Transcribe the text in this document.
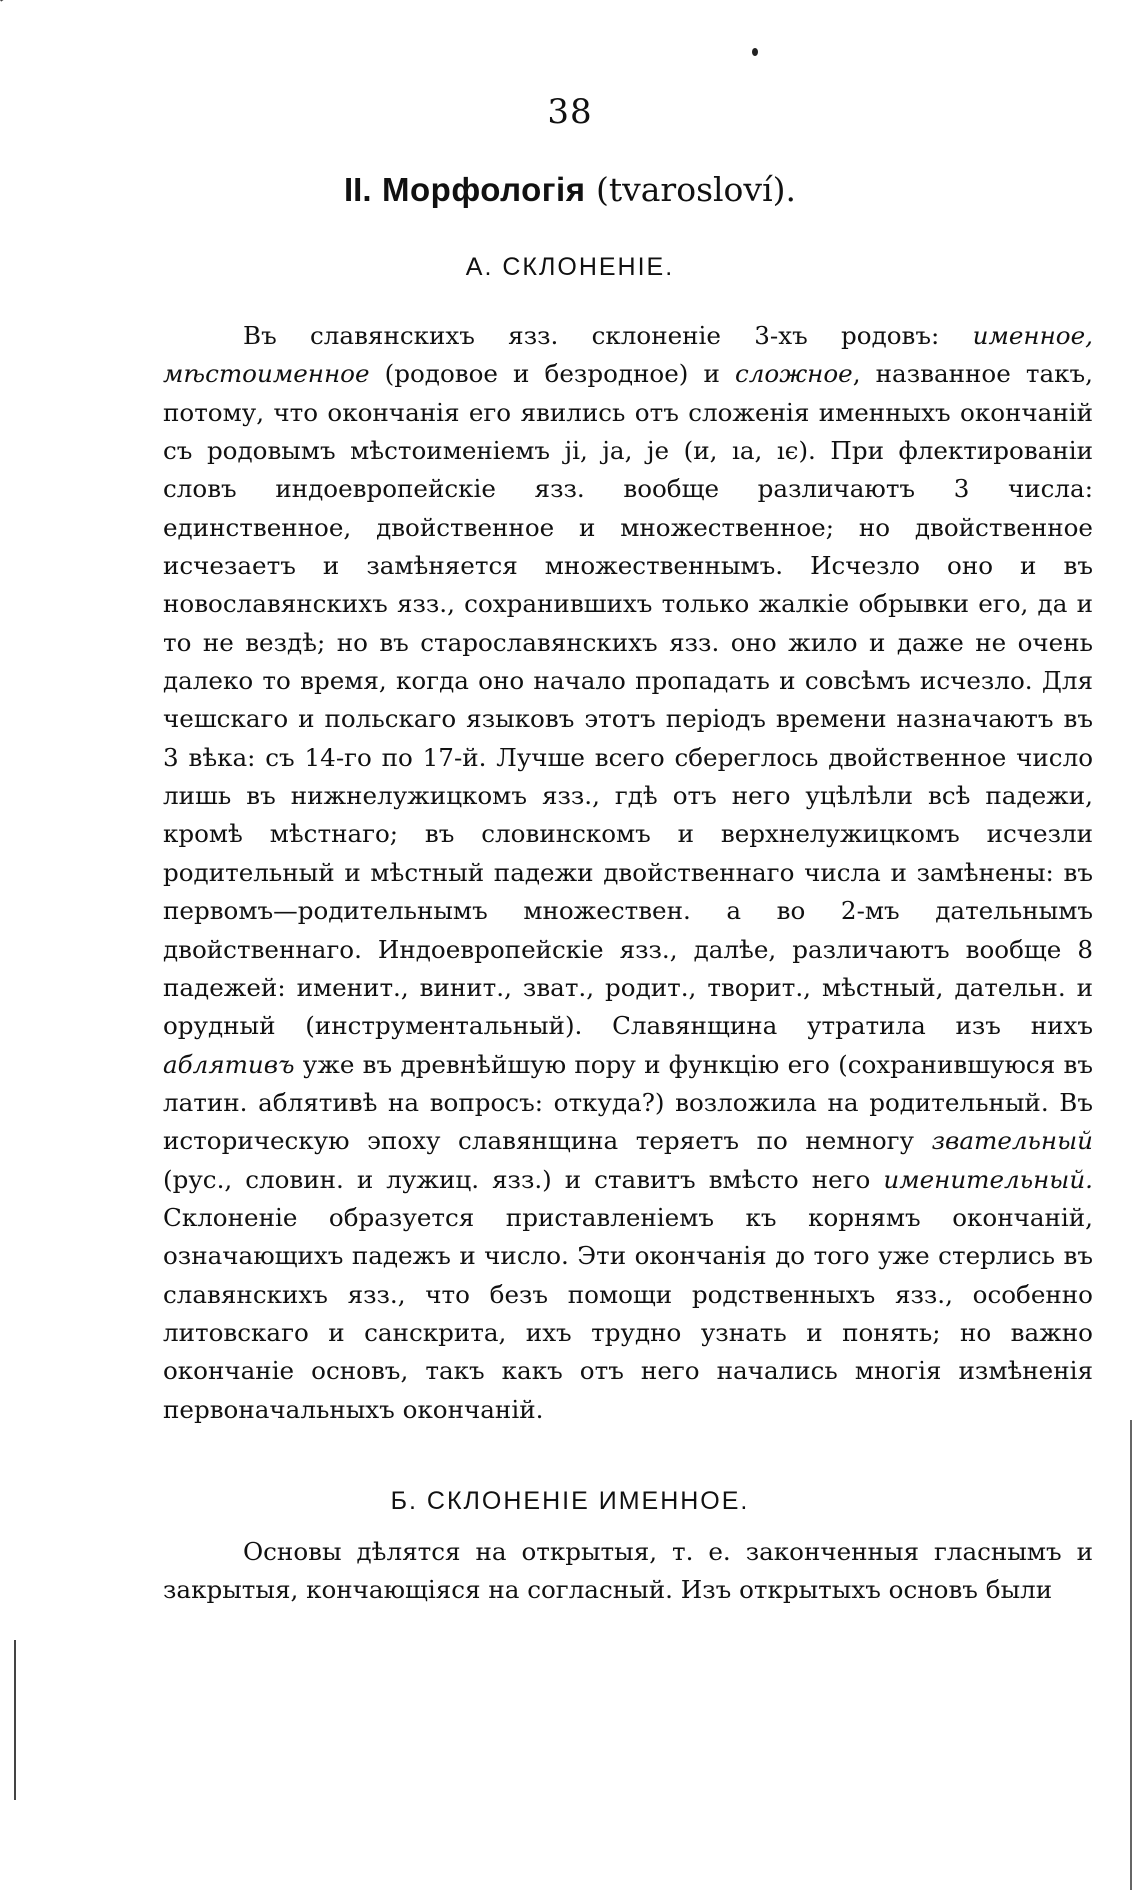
38
II. Морфологія (tvarosloví).
А. СКЛОНЕНІЕ.

Въ славянскихъ язз. склоненіе 3-хъ родовъ: именное, мѣстоименное (родовое и безродное) и сложное, названное такъ, потому, что окончанія его явились отъ сложенія именныхъ окончаній съ родовымъ мѣстоименіемъ ji, ja, je (и, ıа, ıє). При флектированіи словъ индоевропейскіе язз. вообще различаютъ 3 числа: единственное, двойственное и множественное; но двойственное исчезаетъ и замѣняется множественнымъ. Исчезло оно и въ новославянскихъ язз., сохранившихъ только жалкіе обрывки его, да и то не вездѣ; но въ старославянскихъ язз. оно жило и даже не очень далеко то время, когда оно начало пропадать и совсѣмъ исчезло. Для чешскаго и польскаго языковъ этотъ періодъ времени назначаютъ въ 3 вѣка: съ 14-го по 17-й. Лучше всего сберeглось двойственное число лишь въ нижнелужицкомъ язз., гдѣ отъ него уцѣлѣли всѣ падежи, кромѣ мѣстнаго; въ словинскомъ и верхнелужицкомъ исчезли родительный и мѣстный падежи двойственнаго числа и замѣнены: въ первомъ—родительнымъ множествен. а во 2-мъ дательнымъ двойственнаго. Индоевропейскіе язз., далѣе, различаютъ вообще 8 падежей: именит., винит., зват., родит., творит., мѣстный, дательн. и орудный (инструментальный). Славянщина утратила изъ нихъ аблятивъ уже въ древнѣйшую пору и функцію его (сохранившуюся въ латин. аблятивѣ на вопросъ: откуда?) возложила на родительный. Въ историческую эпоху славянщина теряетъ по немногу звательный (рус., словин. и лужиц. язз.) и ставитъ вмѣсто него именительный. Склоненіе образуется приставленіемъ къ корнямъ окончаній, означающихъ падежъ и число. Эти окончанія до того уже стерлись въ славянскихъ язз., что безъ помощи родственныхъ язз., особенно литовскаго и санскрита, ихъ трудно узнать и понять; но важно окончаніе основъ, такъ какъ отъ него начались многія измѣненія первоначальныхъ окончаній.

Б. СКЛОНЕНІЕ ИМЕННОЕ.

Основы дѣлятся на открытыя, т. е. законченныя гласнымъ и закрытыя, кончающіяся на согласный. Изъ открытыхъ основъ были
